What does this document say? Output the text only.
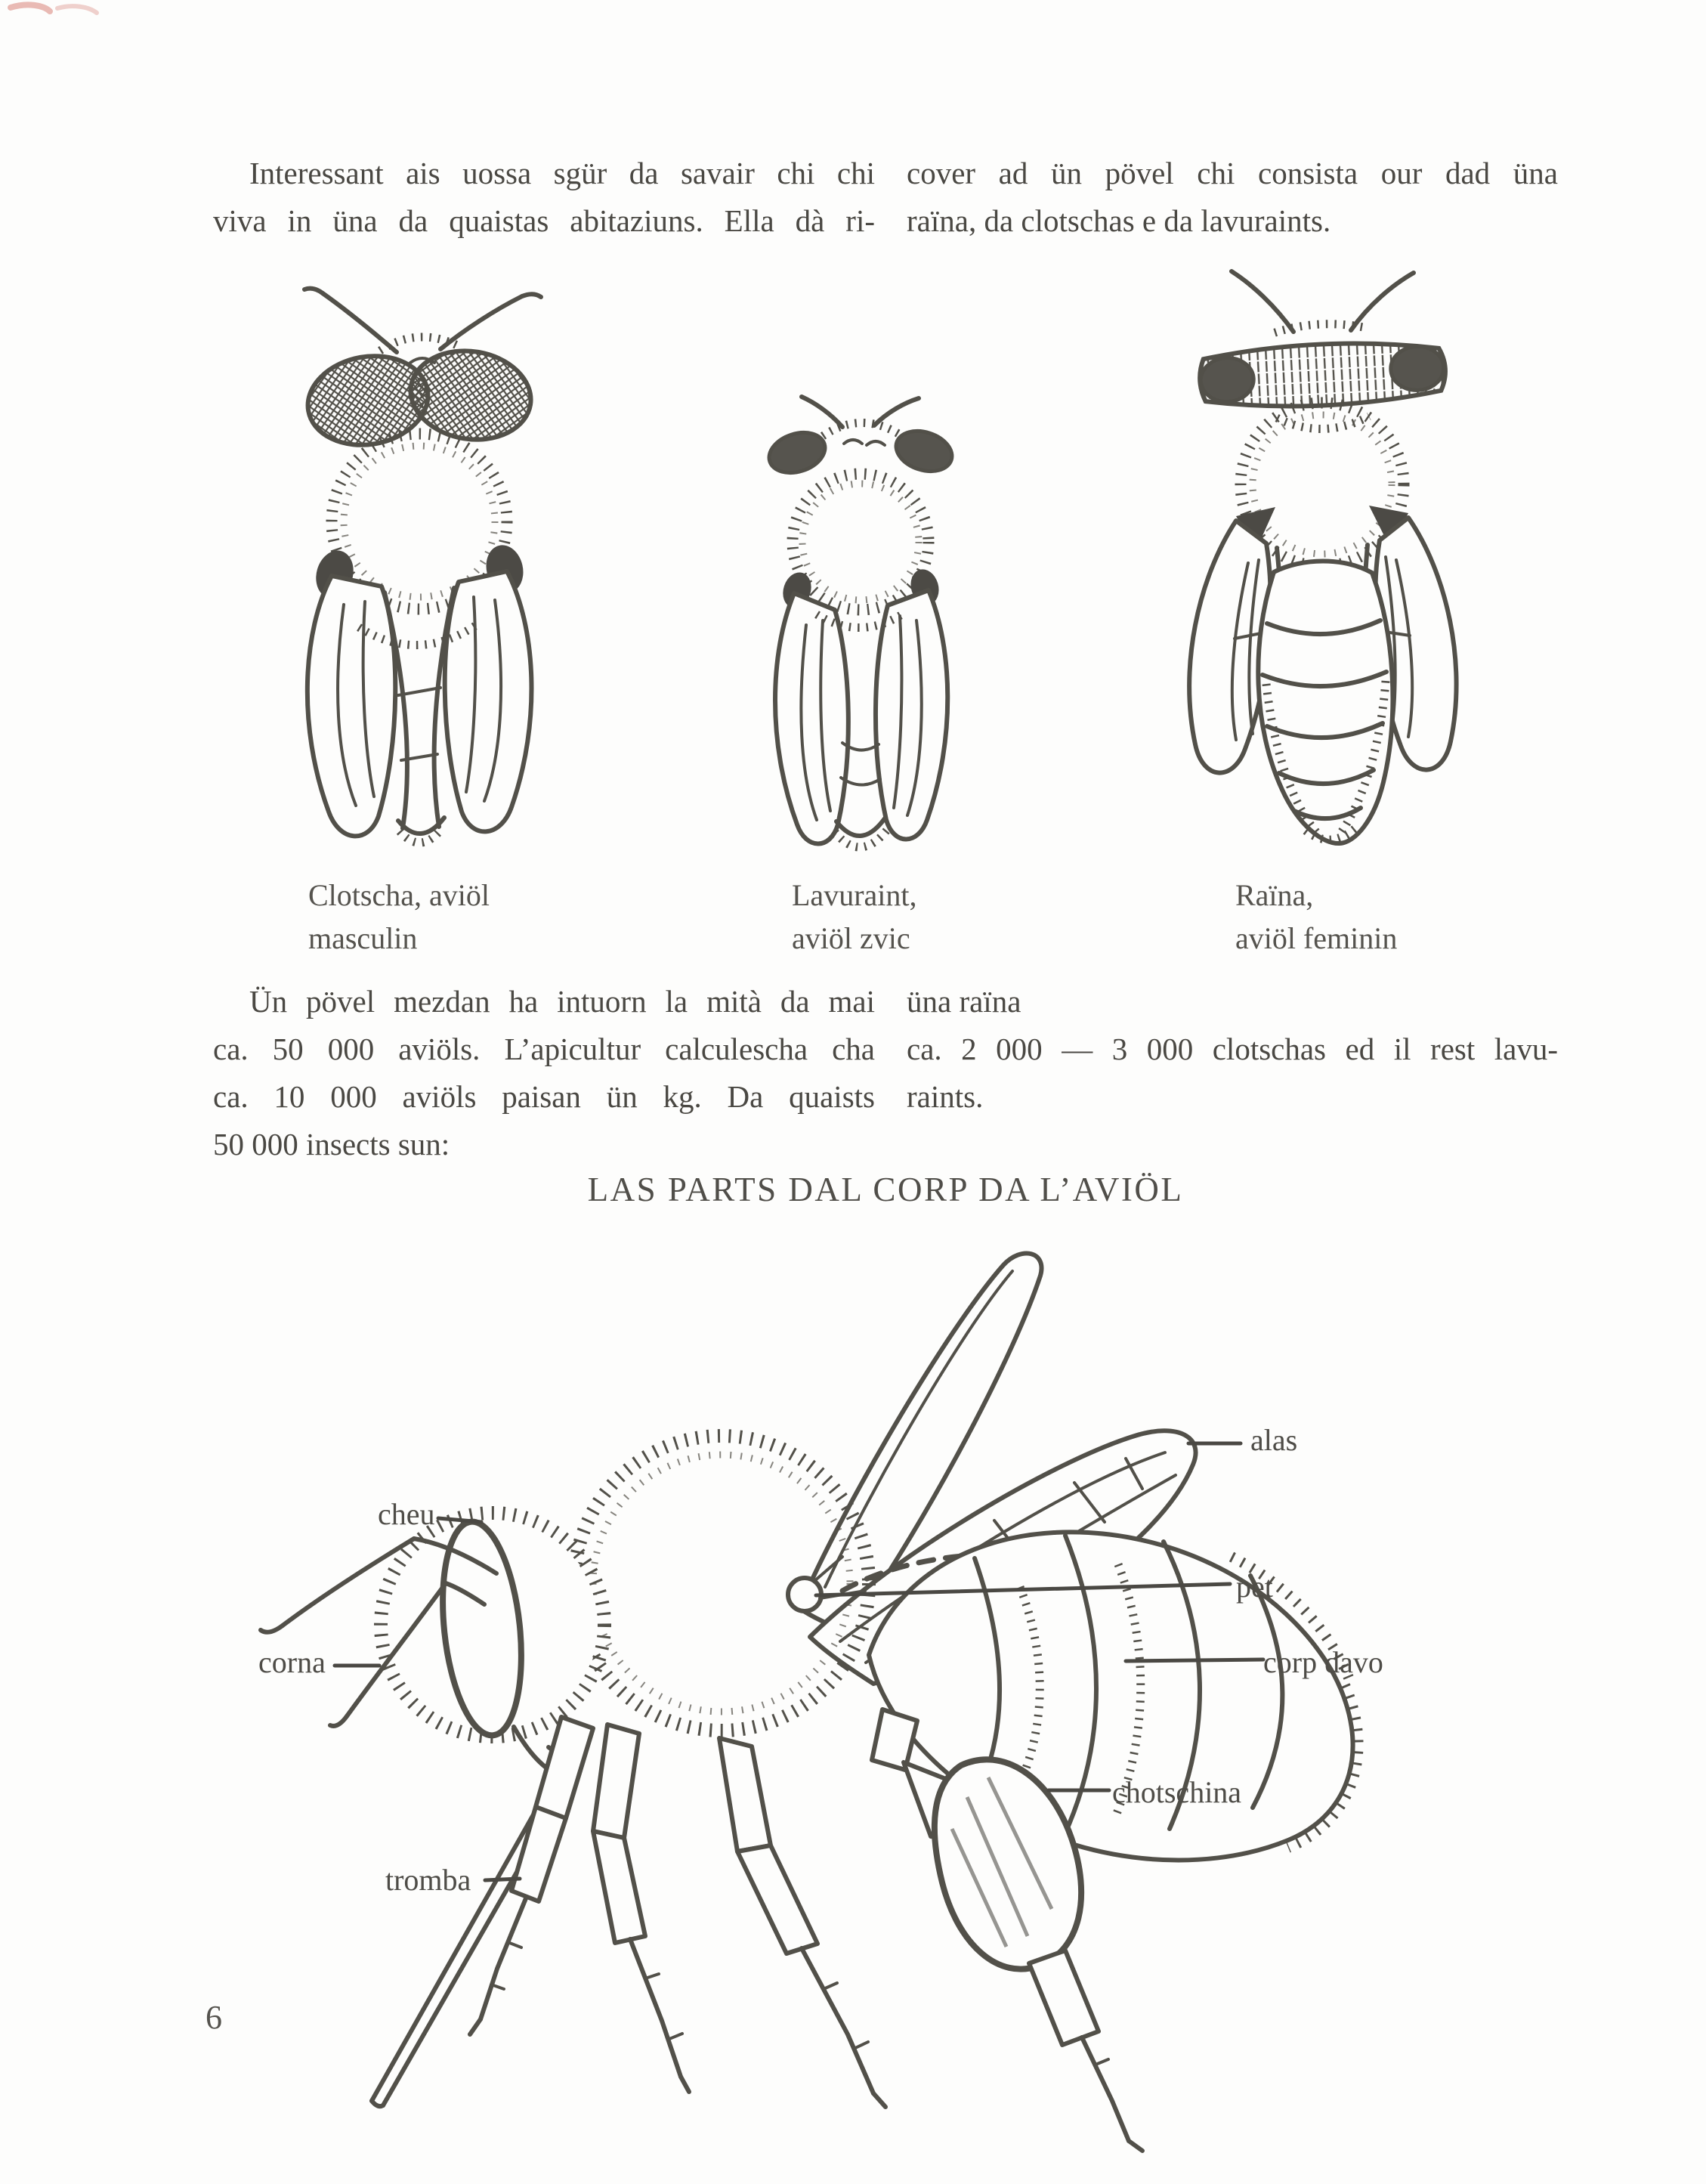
Interessant ais uossa sgür da savair chi chi
viva in üna da quaistas abitaziuns. Ella dà ri-
cover ad ün pövel chi consista our dad üna
raïna, da clotschas e da lavuraints.
Clotscha, aviöl
masculin
Lavuraint,
aviöl zvic
Raïna,
aviöl feminin
Ün pövel mezdan ha intuorn la mità da mai
ca. 50 000 aviöls. L’apicultur calculescha cha
ca. 10 000 aviöls paisan ün kg. Da quaists
50 000 insects sun:
üna raïna
ca. 2 000 — 3 000 clotschas ed il rest lavu-
raints.
LAS PARTS DAL CORP DA L’AVIÖL
alas
cheu
pet
corna	corp davo
chotschina
tromba
6
